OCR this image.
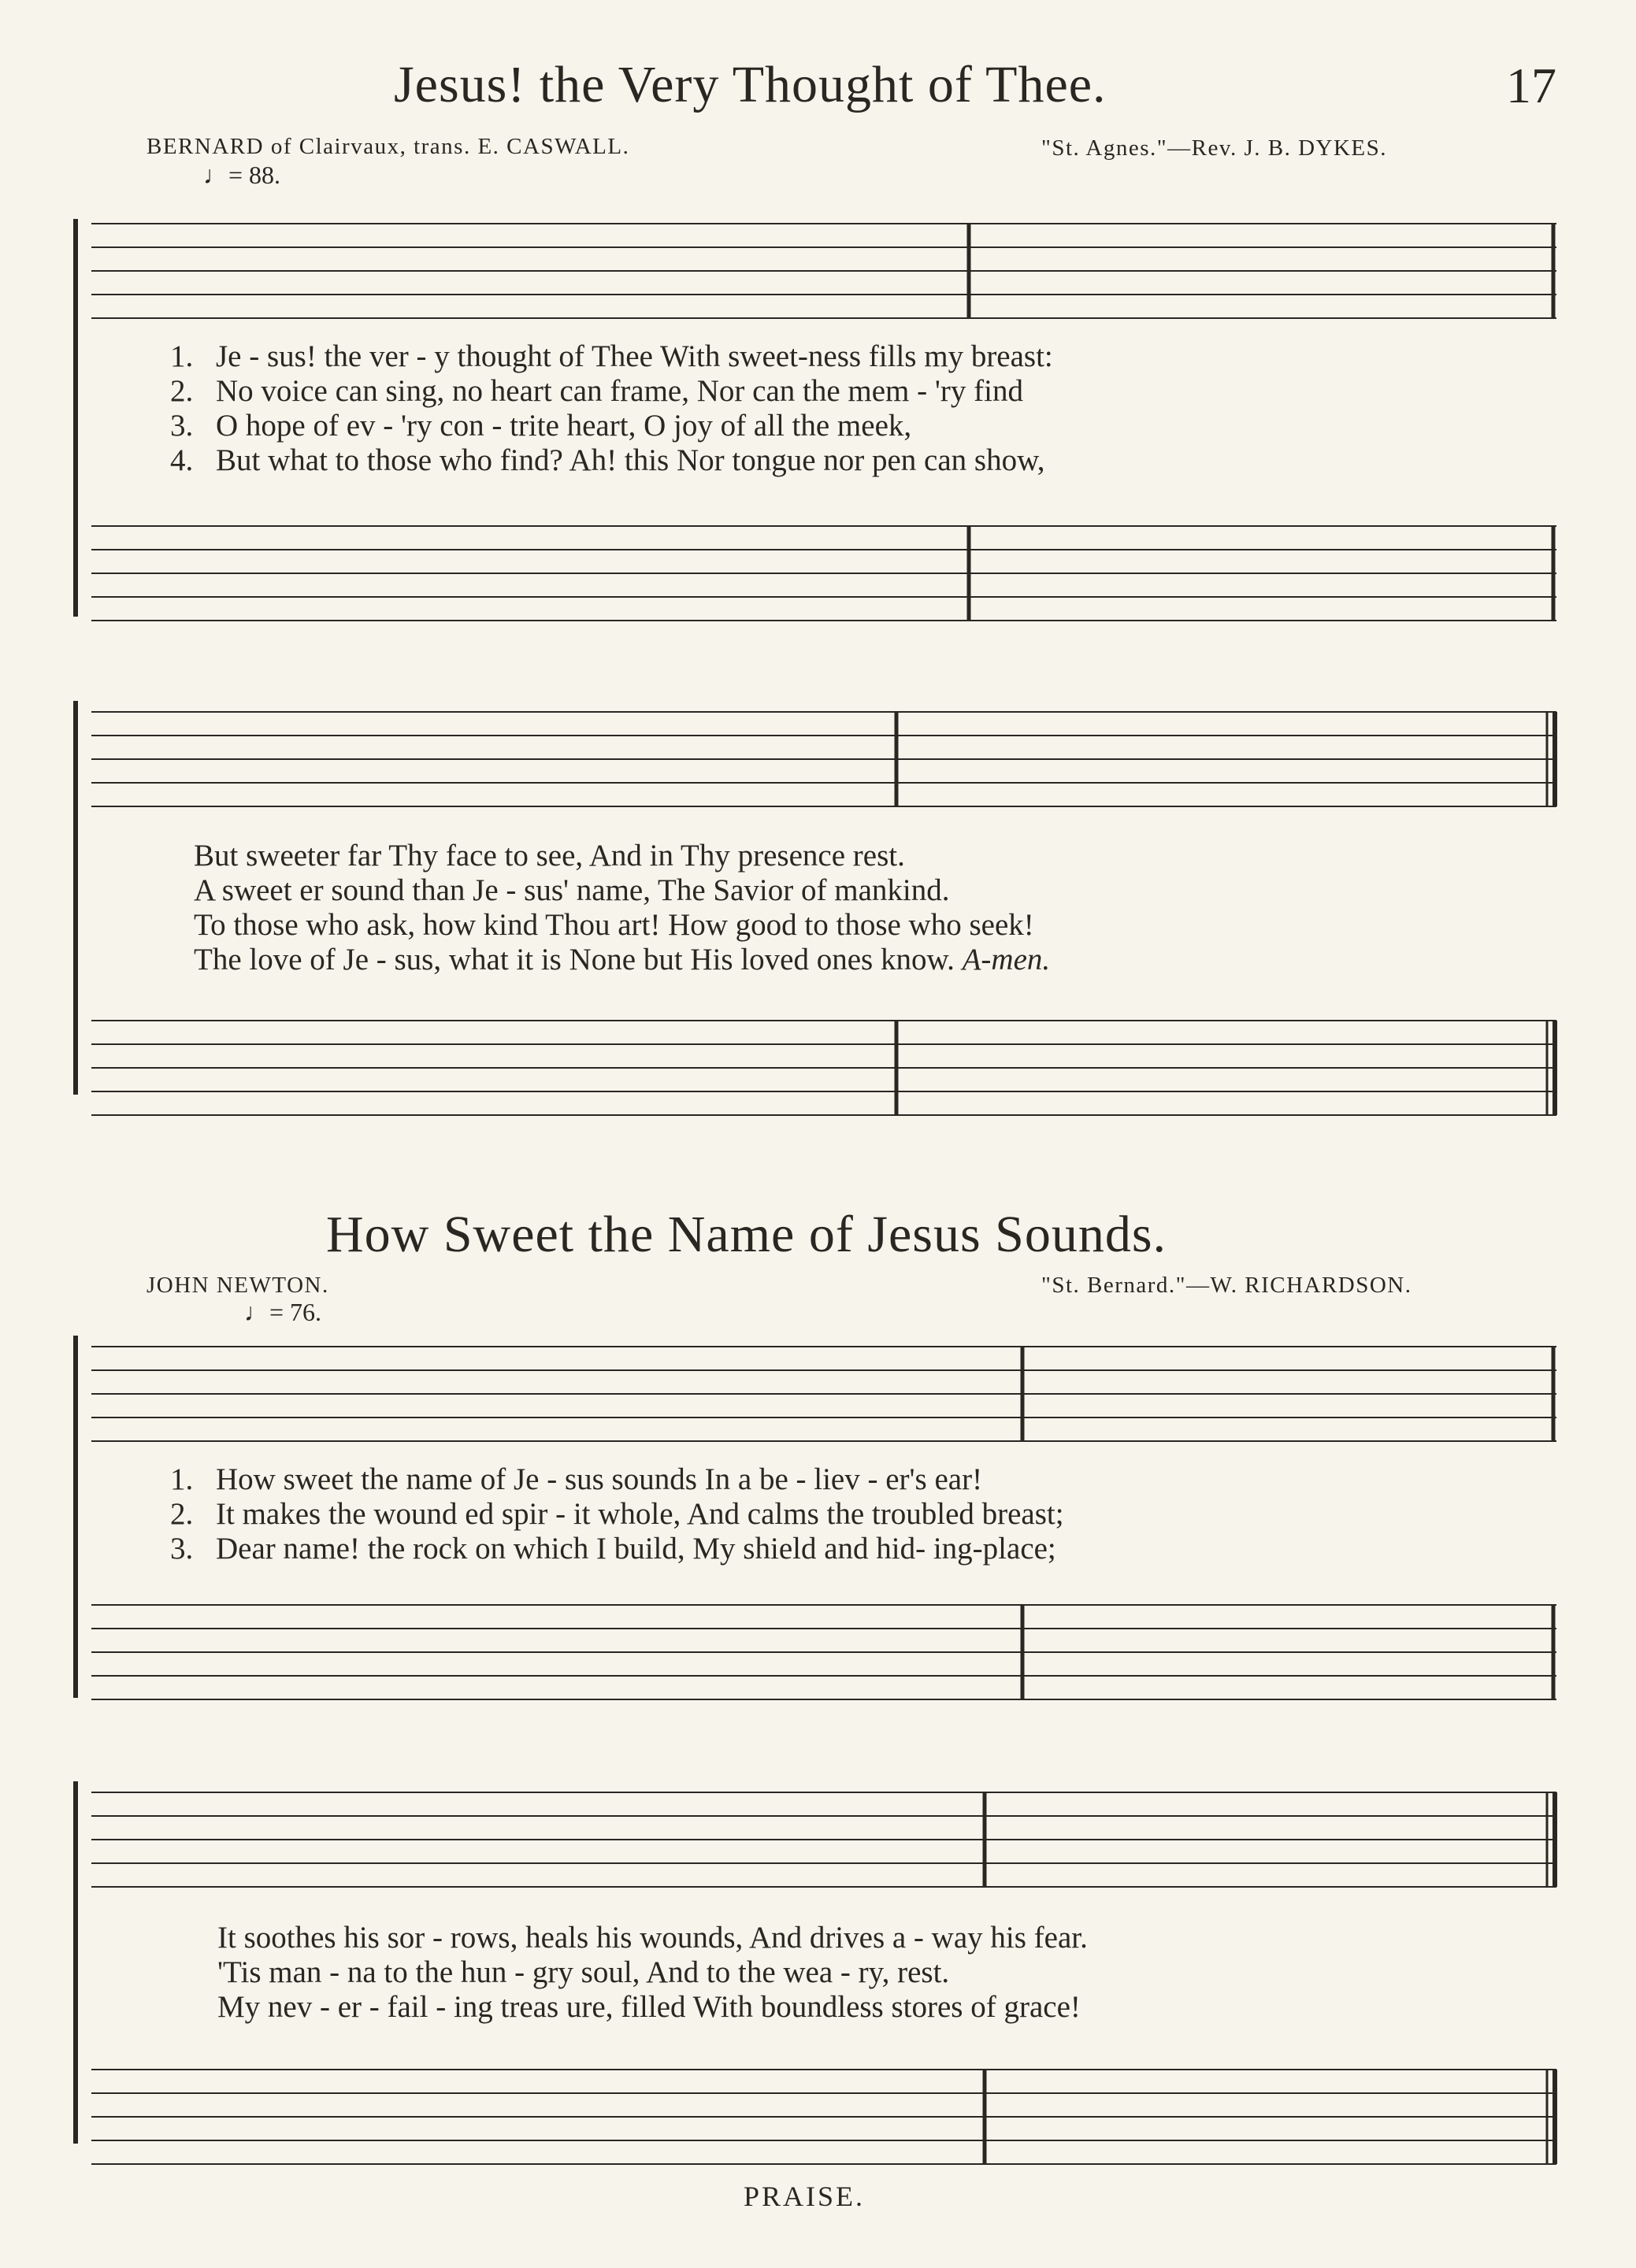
Jesus! the Very Thought of Thee.	17
BERNARD of Clairvaux, trans. E. CASWALL.	"St. Agnes."—Rev. J. B. DYKES.
♩= 88.
1. Je - sus! the ver - y thought of Thee With sweet-ness fills my breast:
2. No voice can sing, no heart can frame, Nor can the mem - 'ry find
3. O hope of ev - 'ry con - trite heart, O joy of all the meek,
4. But what to those who find? Ah! this Nor tongue nor pen can show,
But sweeter far Thy face to see, And in Thy presence rest.
A sweet er sound than Je - sus' name, The Savior of mankind.
To those who ask, how kind Thou art! How good to those who seek!
The love of Je - sus, what it is None but His loved ones know. A-men.
How Sweet the Name of Jesus Sounds.
JOHN NEWTON.	"St. Bernard."—W. RICHARDSON.
♩= 76.
1. How sweet the name of Je - sus sounds In a be - liev - er's ear!
2. It makes the wound ed spir - it whole, And calms the troubled breast;
3. Dear name! the rock on which I build, My shield and hid- ing-place;
It soothes his sor - rows, heals his wounds, And drives a - way his fear.
'Tis man - na to the hun - gry soul, And to the wea - ry, rest.
My nev - er - fail - ing treas ure, filled With boundless stores of grace!
PRAISE.
